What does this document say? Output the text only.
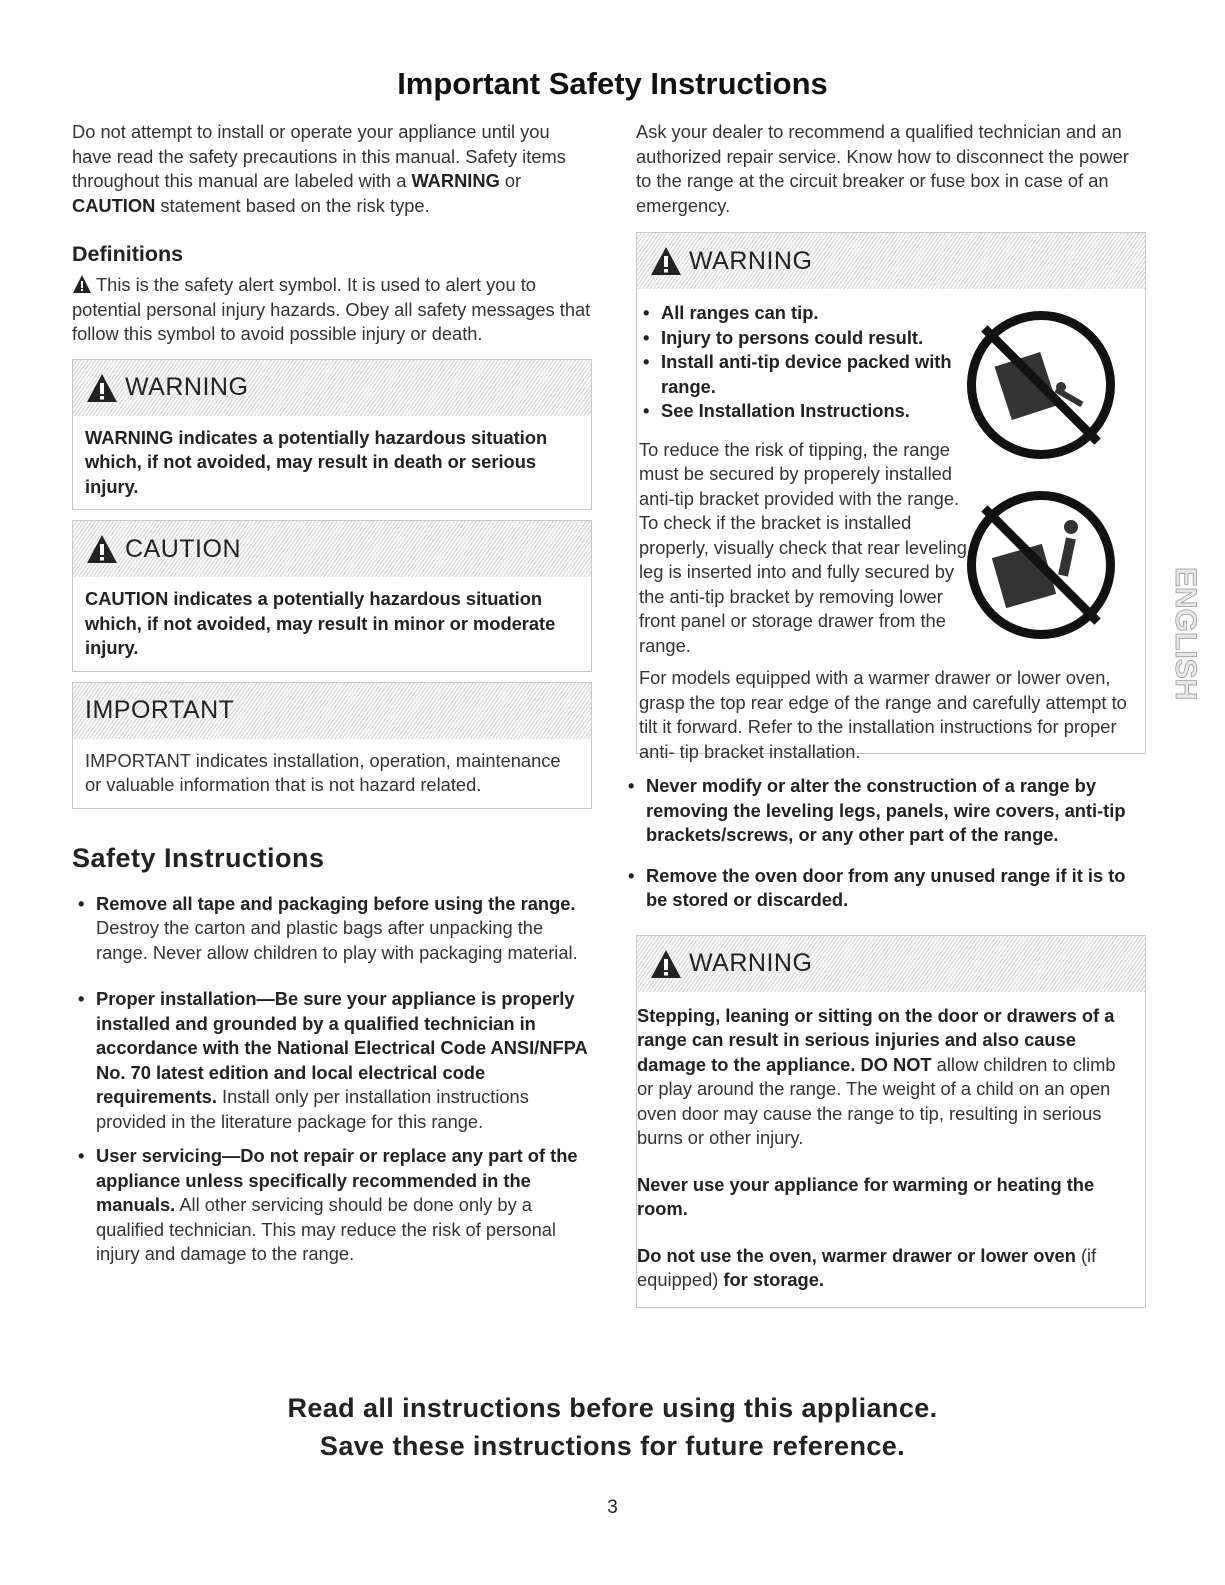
Important Safety Instructions

Do not attempt to install or operate your appliance until you have read the safety precautions in this manual. Safety items throughout this manual are labeled with a WARNING or CAUTION statement based on the risk type.

Definitions

This is the safety alert symbol. It is used to alert you to potential personal injury hazards. Obey all safety messages that follow this symbol to avoid possible injury or death.

WARNING

WARNING indicates a potentially hazardous situation which, if not avoided, may result in death or serious injury.

CAUTION

CAUTION indicates a potentially hazardous situation which, if not avoided, may result in minor or moderate injury.

IMPORTANT

IMPORTANT indicates installation, operation, maintenance or valuable information that is not hazard related.

Safety Instructions
• Remove all tape and packaging before using the range. Destroy the carton and plastic bags after unpacking the range. Never allow children to play with packaging material.
• Proper installation—Be sure your appliance is properly installed and grounded by a qualified technician in accordance with the National Electrical Code ANSI/NFPA No. 70 latest edition and local electrical code requirements. Install only per installation instructions provided in the literature package for this range.
• User servicing—Do not repair or replace any part of the appliance unless specifically recommended in the manuals. All other servicing should be done only by a qualified technician. This may reduce the risk of personal injury and damage to the range.

Ask your dealer to recommend a qualified technician and an authorized repair service. Know how to disconnect the power to the range at the circuit breaker or fuse box in case of an emergency.

WARNING
• All ranges can tip.
• Injury to persons could result.
• Install anti-tip device packed with range.
• See Installation Instructions.

To reduce the risk of tipping, the range must be secured by properely installed anti-tip bracket provided with the range. To check if the bracket is installed properly, visually check that rear leveling leg is inserted into and fully secured by the anti-tip bracket by removing lower front panel or storage drawer from the range.

For models equipped with a warmer drawer or lower oven, grasp the top rear edge of the range and carefully attempt to tilt it forward. Refer to the installation instructions for proper anti- tip bracket installation.

• Never modify or alter the construction of a range by removing the leveling legs, panels, wire covers, anti-tip brackets/screws, or any other part of the range.
• Remove the oven door from any unused range if it is to be stored or discarded.
WARNING

Stepping, leaning or sitting on the door or drawers of a range can result in serious injuries and also cause damage to the appliance. DO NOT allow children to climb or play around the range. The weight of a child on an open oven door may cause the range to tip, resulting in serious burns or other injury.

Never use your appliance for warming or heating the room.

Do not use the oven, warmer drawer or lower oven (if equipped) for storage.

ENGLISH
Read all instructions before using this appliance.
Save these instructions for future reference.
3
